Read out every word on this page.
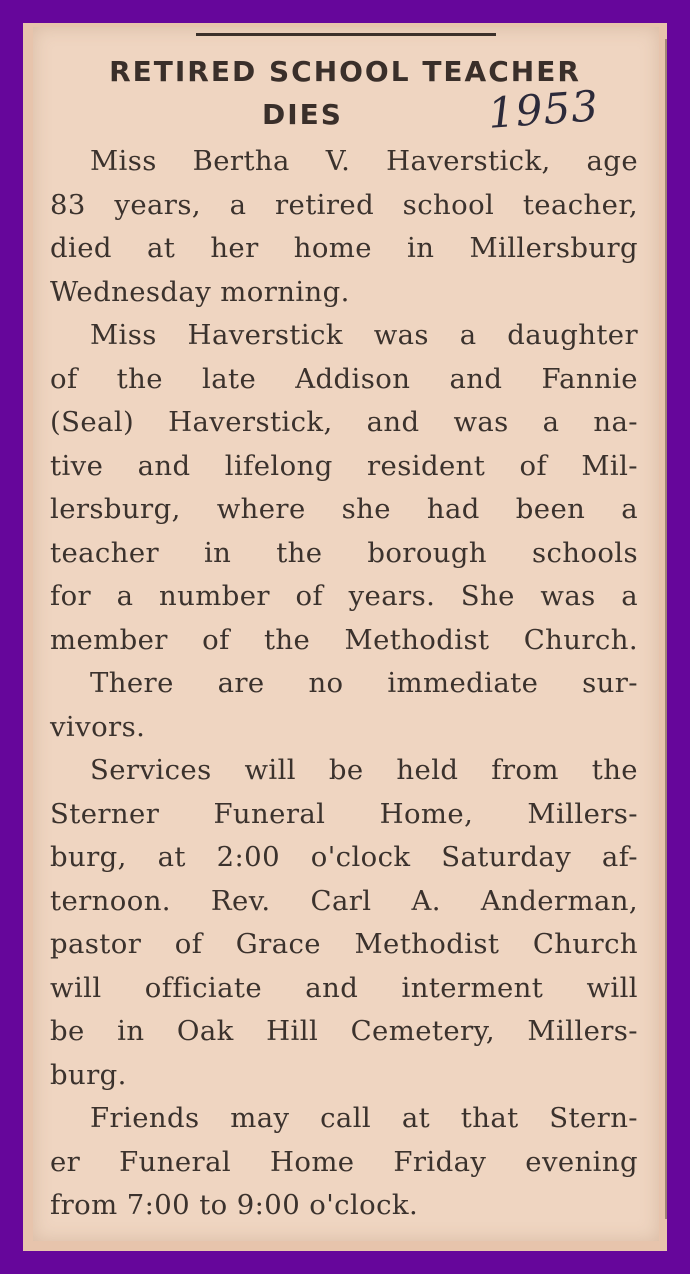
RETIRED SCHOOL TEACHER
DIES	1953
Miss Bertha V. Haverstick, age
83 years, a retired school teacher,
died at her home in Millersburg
Wednesday morning.
Miss Haverstick was a daughter
of the late Addison and Fannie
(Seal) Haverstick, and was a na-
tive and lifelong resident of Mil-
lersburg, where she had been a
teacher in the borough schools
for a number of years. She was a
member of the Methodist Church.
There are no immediate sur-
vivors.
Services will be held from the
Sterner Funeral Home, Millers-
burg, at 2:00 o'clock Saturday af-
ternoon. Rev. Carl A. Anderman,
pastor of Grace Methodist Church
will officiate and interment will
be in Oak Hill Cemetery, Millers-
burg.
Friends may call at that Stern-
er Funeral Home Friday evening
from 7:00 to 9:00 o'clock.
